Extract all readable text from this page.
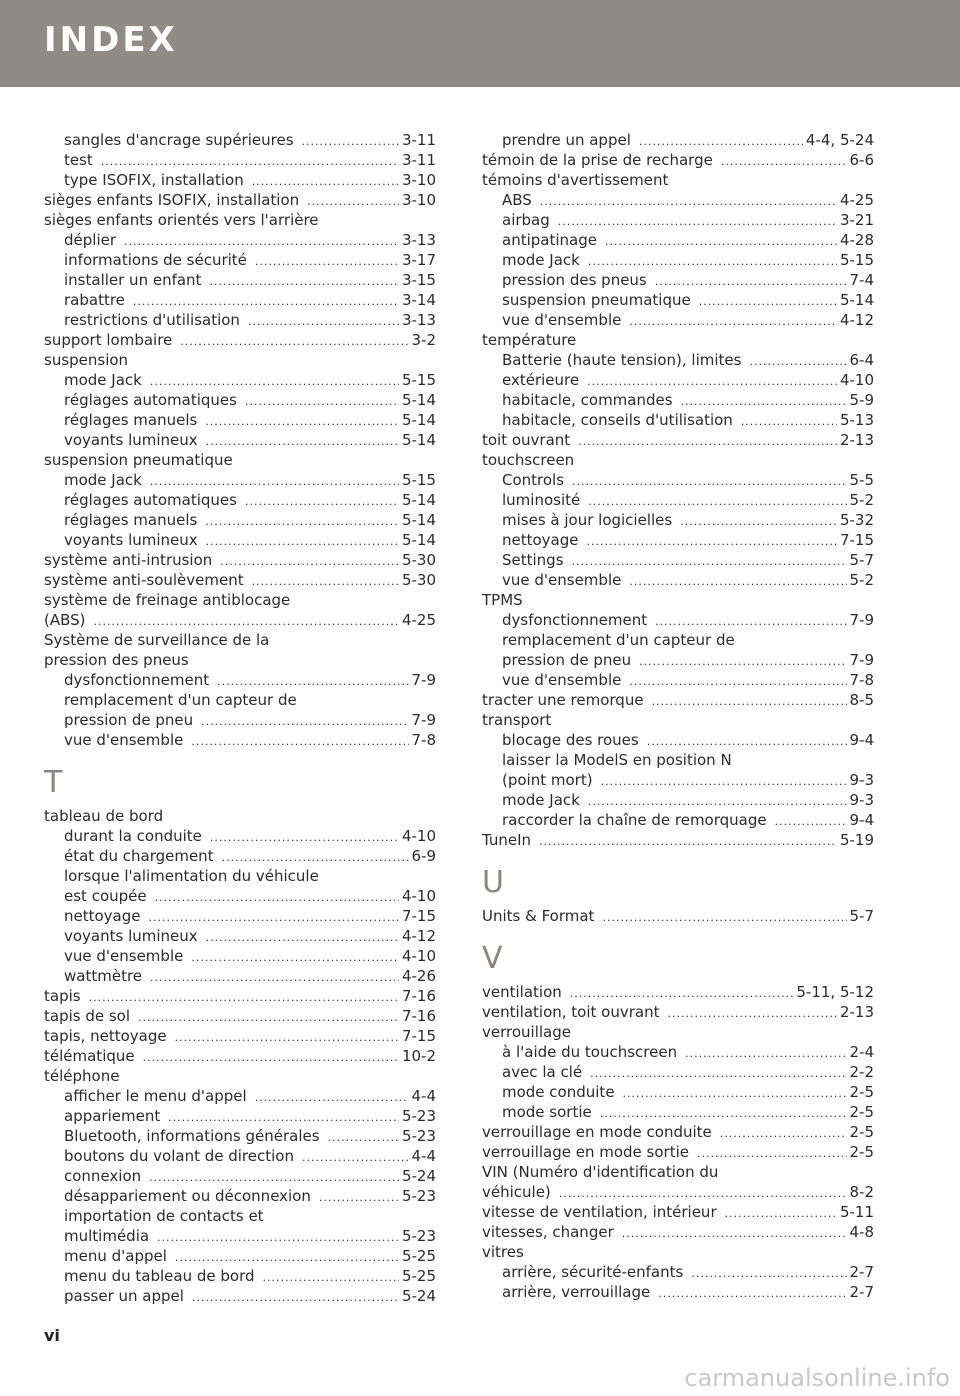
INDEX
sangles d'ancrage supérieures .....	3-11
test .....	3-11
type ISOFIX, installation .....	3-10
sièges enfants ISOFIX, installation .....	3-10
sièges enfants orientés vers l'arrière
déplier .....	3-13
informations de sécurité .....	3-17
installer un enfant .....	3-15
rabattre .....	3-14
restrictions d'utilisation .....	3-13
support lombaire .....	3-2
suspension
mode Jack .....	5-15
réglages automatiques .....	5-14
réglages manuels .....	5-14
voyants lumineux .....	5-14
suspension pneumatique
mode Jack .....	5-15
réglages automatiques .....	5-14
réglages manuels .....	5-14
voyants lumineux .....	5-14
système anti-intrusion .....	5-30
système anti-soulèvement .....	5-30
système de freinage antiblocage
(ABS) .....	4-25
Système de surveillance de la
pression des pneus
dysfonctionnement .....	7-9
remplacement d'un capteur de
pression de pneu .....	7-9
vue d'ensemble .....	7-8
T
tableau de bord
durant la conduite .....	4-10
état du chargement .....	6-9
lorsque l'alimentation du véhicule
est coupée .....	4-10
nettoyage .....	7-15
voyants lumineux .....	4-12
vue d'ensemble .....	4-10
wattmètre .....	4-26
tapis .....	7-16
tapis de sol .....	7-16
tapis, nettoyage .....	7-15
télématique .....	10-2
téléphone
afficher le menu d'appel .....	4-4
appariement .....	5-23
Bluetooth, informations générales .....	5-23
boutons du volant de direction .....	4-4
connexion .....	5-24
désappariement ou déconnexion .....	5-23
importation de contacts et
multimédia .....	5-23
menu d'appel .....	5-25
menu du tableau de bord .....	5-25
passer un appel .....	5-24
prendre un appel .....	4-4, 5-24
témoin de la prise de recharge .....	6-6
témoins d'avertissement
ABS .....	4-25
airbag .....	3-21
antipatinage .....	4-28
mode Jack .....	5-15
pression des pneus .....	7-4
suspension pneumatique .....	5-14
vue d'ensemble .....	4-12
température
Batterie (haute tension), limites .....	6-4
extérieure .....	4-10
habitacle, commandes .....	5-9
habitacle, conseils d'utilisation .....	5-13
toit ouvrant .....	2-13
touchscreen
Controls .....	5-5
luminosité .....	5-2
mises à jour logicielles .....	5-32
nettoyage .....	7-15
Settings .....	5-7
vue d'ensemble .....	5-2
TPMS
dysfonctionnement .....	7-9
remplacement d'un capteur de
pression de pneu .....	7-9
vue d'ensemble .....	7-8
tracter une remorque .....	8-5
transport
blocage des roues .....	9-4
laisser la ModelS en position N
(point mort) .....	9-3
mode Jack .....	9-3
raccorder la chaîne de remorquage .....	9-4
TuneIn .....	5-19
U
Units & Format .....	5-7
V
ventilation .....	5-11, 5-12
ventilation, toit ouvrant .....	2-13
verrouillage
à l'aide du touchscreen .....	2-4
avec la clé .....	2-2
mode conduite .....	2-5
mode sortie .....	2-5
verrouillage en mode conduite .....	2-5
verrouillage en mode sortie .....	2-5
VIN (Numéro d'identification du
véhicule) .....	8-2
vitesse de ventilation, intérieur .....	5-11
vitesses, changer .....	4-8
vitres
arrière, sécurité-enfants .....	2-7
arrière, verrouillage .....	2-7
vi
carmanualsonline.info
